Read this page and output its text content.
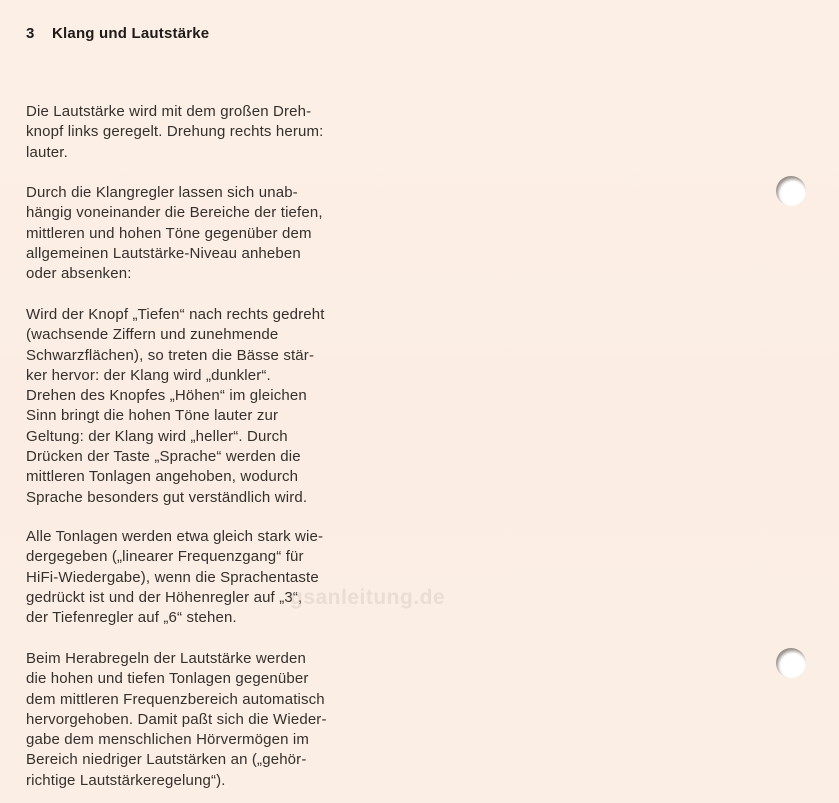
3 Klang und Lautstärke
Die Lautstärke wird mit dem großen Dreh-
knopf links geregelt. Drehung rechts herum:
lauter.
Durch die Klangregler lassen sich unab-
hängig voneinander die Bereiche der tiefen,
mittleren und hohen Töne gegenüber dem
allgemeinen Lautstärke-Niveau anheben
oder absenken:
Wird der Knopf „Tiefen“ nach rechts gedreht
(wachsende Ziffern und zunehmende
Schwarzflächen), so treten die Bässe stär-
ker hervor: der Klang wird „dunkler“.
Drehen des Knopfes „Höhen“ im gleichen
Sinn bringt die hohen Töne lauter zur
Geltung: der Klang wird „heller“. Durch
Drücken der Taste „Sprache“ werden die
mittleren Tonlagen angehoben, wodurch
Sprache besonders gut verständlich wird.
Alle Tonlagen werden etwa gleich stark wie-
dergegeben („linearer Frequenzgang“ für
HiFi-Wiedergabe), wenn die Sprachentaste
gedrückt ist und der Höhenregler auf „3“,
der Tiefenregler auf „6“ stehen.
Beim Herabregeln der Lautstärke werden
die hohen und tiefen Tonlagen gegenüber
dem mittleren Frequenzbereich automatisch
hervorgehoben. Damit paßt sich die Wieder-
gabe dem menschlichen Hörvermögen im
Bereich niedriger Lautstärken an („gehör-
richtige Lautstärkeregelung“).
gsanleitung.de
